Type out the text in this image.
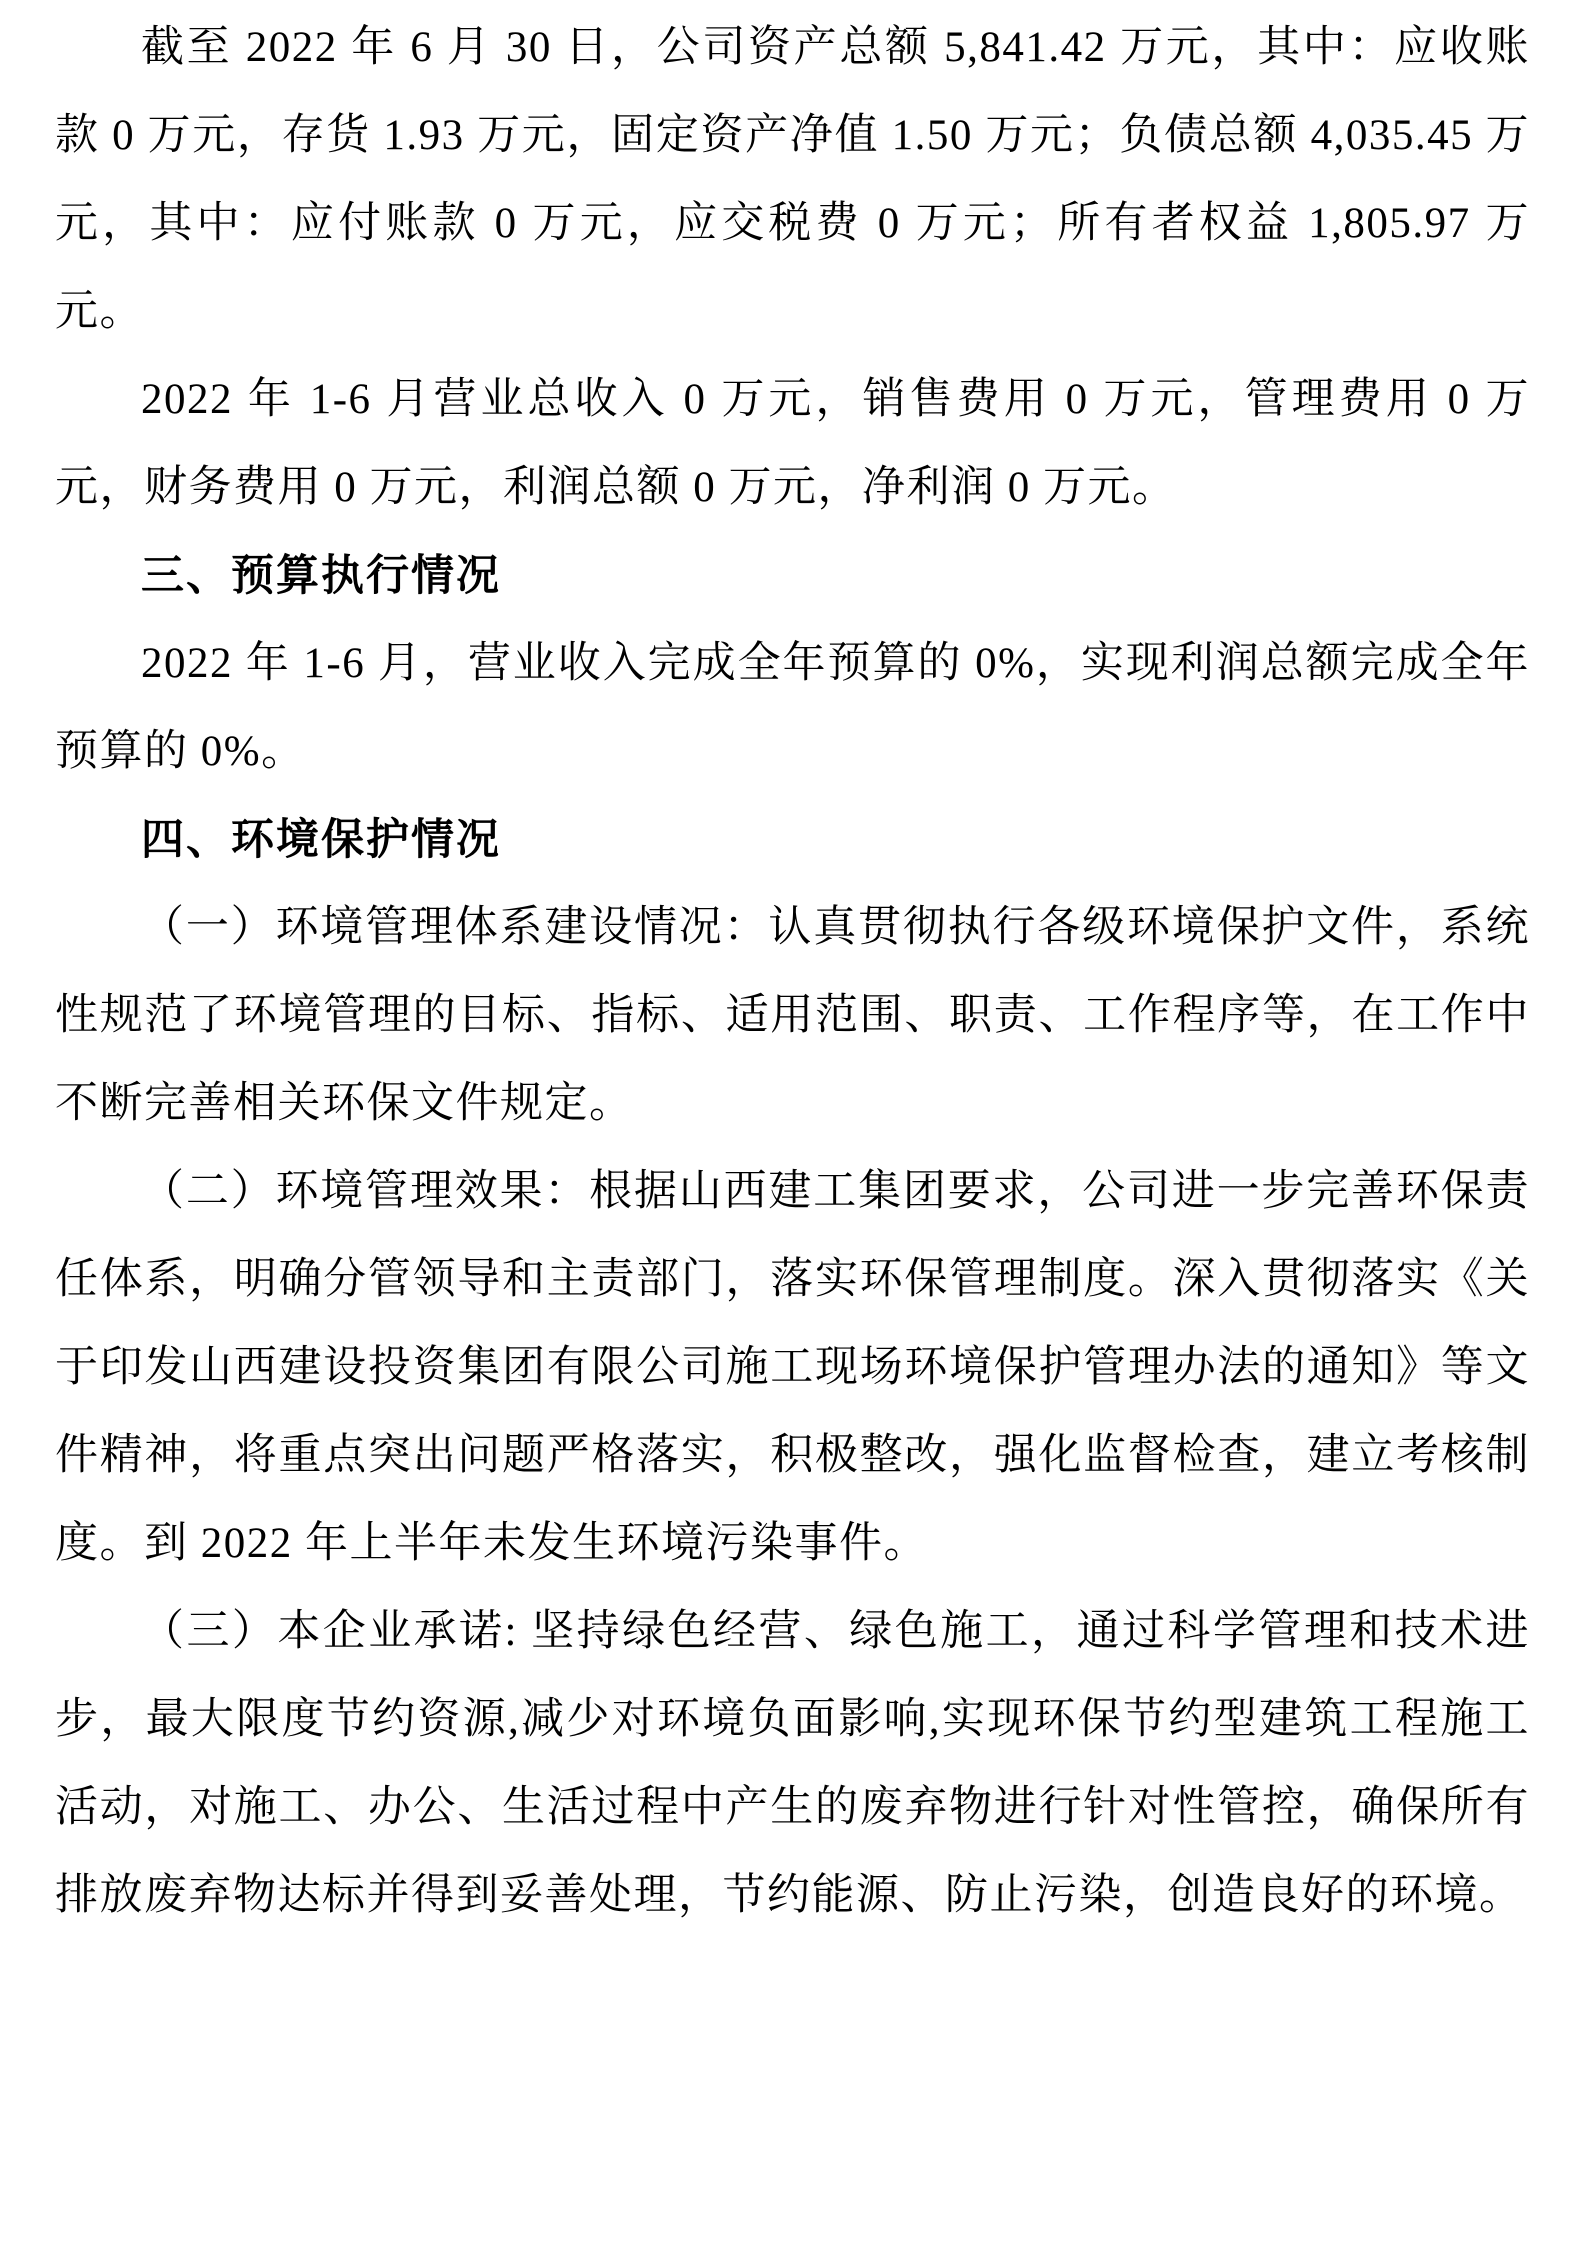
截至 2022 年 6 月 30 日，公司资产总额 5,841.42 万元，其中：应收账款 0 万元，存货 1.93 万元，固定资产净值 1.50 万元；负债总额 4,035.45 万元，其中：应付账款 0 万元，应交税费 0 万元；所有者权益 1,805.97 万元。

2022 年 1-6 月营业总收入 0 万元，销售费用 0 万元，管理费用 0 万元，财务费用 0 万元，利润总额 0 万元，净利润 0 万元。

三、预算执行情况

2022 年 1-6 月，营业收入完成全年预算的 0%，实现利润总额完成全年预算的 0%。

四、环境保护情况

（一）环境管理体系建设情况：认真贯彻执行各级环境保护文件，系统性规范了环境管理的目标、指标、适用范围、职责、工作程序等，在工作中不断完善相关环保文件规定。

（二）环境管理效果：根据山西建工集团要求，公司进一步完善环保责任体系，明确分管领导和主责部门，落实环保管理制度。深入贯彻落实《关于印发山西建设投资集团有限公司施工现场环境保护管理办法的通知》等文件精神，将重点突出问题严格落实，积极整改，强化监督检查，建立考核制度。到 2022 年上半年未发生环境污染事件。

（三）本企业承诺: 坚持绿色经营、绿色施工，通过科学管理和技术进步，最大限度节约资源,减少对环境负面影响,实现环保节约型建筑工程施工活动，对施工、办公、生活过程中产生的废弃物进行针对性管控，确保所有排放废弃物达标并得到妥善处理，节约能源、防止污染，创造良好的环境。
